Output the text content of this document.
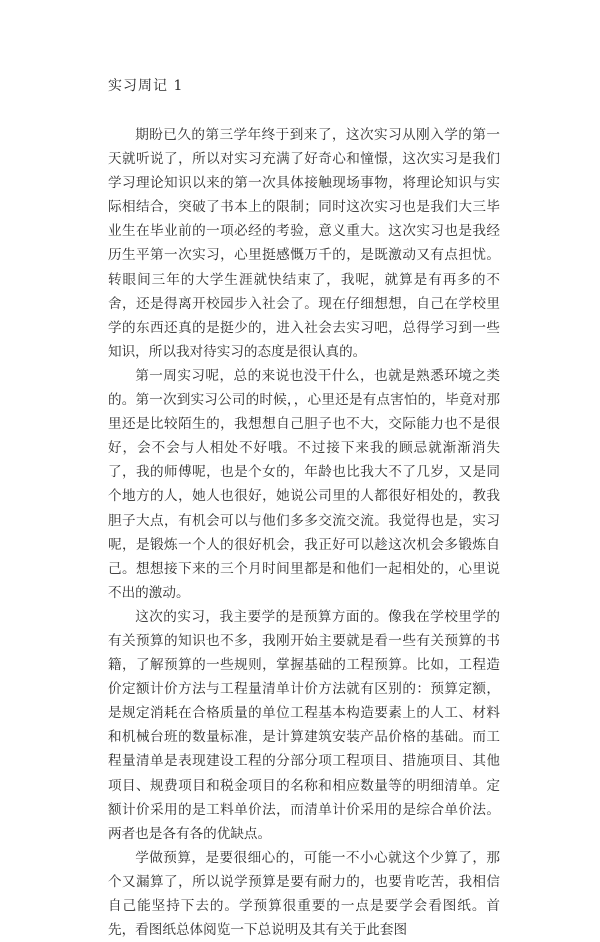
实习周记 1

期盼已久的第三学年终于到来了，这次实习从刚入学的第一天就听说了，所以对实习充满了好奇心和憧憬，这次实习是我们学习理论知识以来的第一次具体接触现场事物，将理论知识与实际相结合，突破了书本上的限制；同时这次实习也是我们大三毕业生在毕业前的一项必经的考验，意义重大。这次实习也是我经历生平第一次实习，心里挺感慨万千的，是既激动又有点担忧。转眼间三年的大学生涯就快结束了，我呢，就算是有再多的不舍，还是得离开校园步入社会了。现在仔细想想，自己在学校里学的东西还真的是挺少的，进入社会去实习吧，总得学习到一些知识，所以我对待实习的态度是很认真的。

第一周实习呢，总的来说也没干什么，也就是熟悉环境之类的。第一次到实习公司的时候，，心里还是有点害怕的，毕竟对那里还是比较陌生的，我想想自己胆子也不大，交际能力也不是很好，会不会与人相处不好哦。不过接下来我的顾忌就渐渐消失了，我的师傅呢，也是个女的，年龄也比我大不了几岁，又是同个地方的人，她人也很好，她说公司里的人都很好相处的，教我胆子大点，有机会可以与他们多多交流交流。我觉得也是，实习呢，是锻炼一个人的很好机会，我正好可以趁这次机会多锻炼自己。想想接下来的三个月时间里都是和他们一起相处的，心里说不出的激动。

这次的实习，我主要学的是预算方面的。像我在学校里学的有关预算的知识也不多，我刚开始主要就是看一些有关预算的书籍，了解预算的一些规则，掌握基础的工程预算。比如，工程造价定额计价方法与工程量清单计价方法就有区别的：预算定额，是规定消耗在合格质量的单位工程基本构造要素上的人工、材料和机械台班的数量标准，是计算建筑安装产品价格的基础。而工程量清单是表现建设工程的分部分项工程项目、措施项目、其他项目、规费项目和税金项目的名称和相应数量等的明细清单。定额计价采用的是工料单价法，而清单计价采用的是综合单价法。两者也是各有各的优缺点。

学做预算，是要很细心的，可能一不小心就这个少算了，那个又漏算了，所以说学预算是要有耐力的，也要肯吃苦，我相信自己能坚持下去的。学预算很重要的一点是要学会看图纸。首先，看图纸总体阅览一下总说明及其有关于此套图
